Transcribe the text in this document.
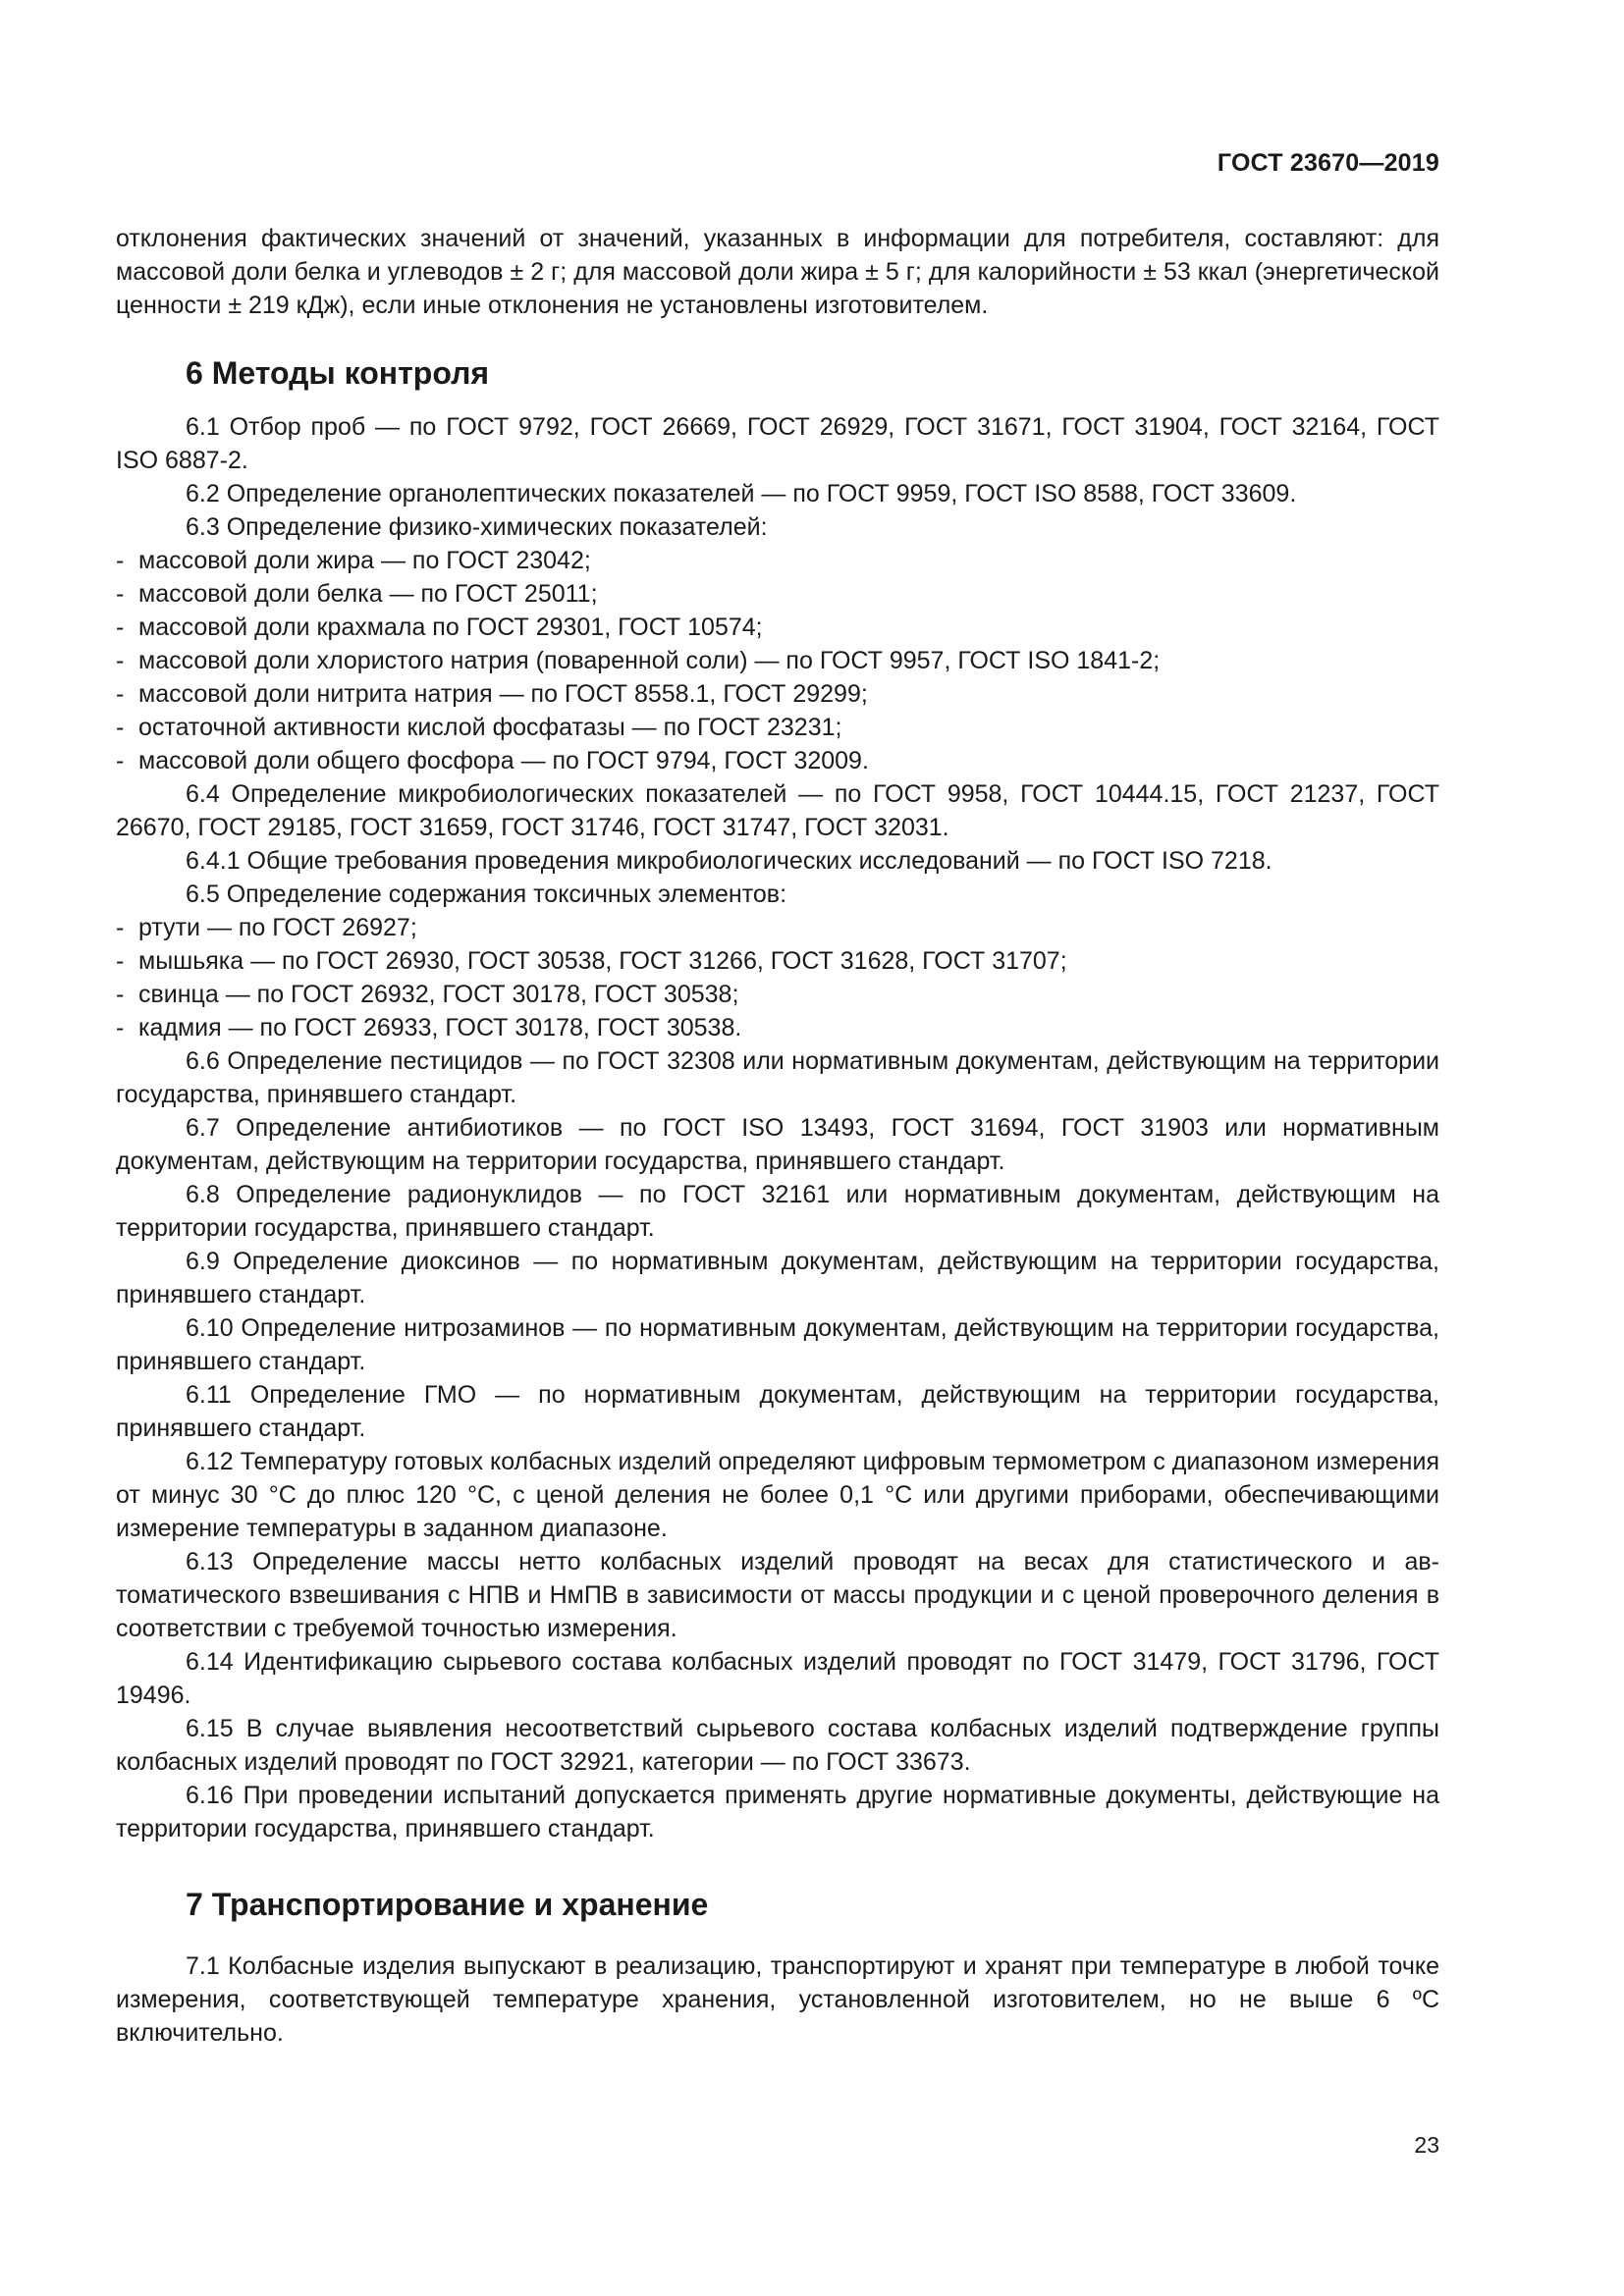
ГОСТ 23670—2019

отклонения фактических значений от значений, указанных в информации для потребителя, составляют: для массовой доли белка и углеводов ± 2 г; для массовой доли жира ± 5 г; для калорийности ± 53 ккал (энергетической ценности ± 219 кДж), если иные отклонения не установлены изготовителем.

6 Методы контроля

6.1 Отбор проб — по ГОСТ 9792, ГОСТ 26669, ГОСТ 26929, ГОСТ 31671, ГОСТ 31904, ГОСТ 32164, ГОСТ ISO 6887-2.

6.2 Определение органолептических показателей — по ГОСТ 9959, ГОСТ ISO 8588, ГОСТ 33609.

6.3 Определение физико-химических показателей:

- массовой доли жира — по ГОСТ 23042;

- массовой доли белка — по ГОСТ 25011;

- массовой доли крахмала по ГОСТ 29301, ГОСТ 10574;

- массовой доли хлористого натрия (поваренной соли) — по ГОСТ 9957, ГОСТ ISO 1841-2;

- массовой доли нитрита натрия — по ГОСТ 8558.1, ГОСТ 29299;

- остаточной активности кислой фосфатазы — по ГОСТ 23231;

- массовой доли общего фосфора — по ГОСТ 9794, ГОСТ 32009.

6.4 Определение микробиологических показателей — по ГОСТ 9958, ГОСТ 10444.15, ГОСТ 21237, ГОСТ 26670, ГОСТ 29185, ГОСТ 31659, ГОСТ 31746, ГОСТ 31747, ГОСТ 32031.

6.4.1 Общие требования проведения микробиологических исследований — по ГОСТ ISO 7218.

6.5 Определение содержания токсичных элементов:

- ртути — по ГОСТ 26927;

- мышьяка — по ГОСТ 26930, ГОСТ 30538, ГОСТ 31266, ГОСТ 31628, ГОСТ 31707;

- свинца — по ГОСТ 26932, ГОСТ 30178, ГОСТ 30538;

- кадмия — по ГОСТ 26933, ГОСТ 30178, ГОСТ 30538.

6.6 Определение пестицидов — по ГОСТ 32308 или нормативным документам, действующим на территории государства, принявшего стандарт.

6.7 Определение антибиотиков — по ГОСТ ISO 13493, ГОСТ 31694, ГОСТ 31903 или нормативным документам, действующим на территории государства, принявшего стандарт.

6.8 Определение радионуклидов — по ГОСТ 32161 или нормативным документам, действующим на территории государства, принявшего стандарт.

6.9 Определение диоксинов — по нормативным документам, действующим на территории государства, принявшего стандарт.

6.10 Определение нитрозаминов — по нормативным документам, действующим на территории государства, принявшего стандарт.

6.11 Определение ГМО — по нормативным документам, действующим на территории государства, принявшего стандарт.

6.12 Температуру готовых колбасных изделий определяют цифровым термометром с диапазоном измерения от минус 30 °С до плюс 120 °С, с ценой деления не более 0,1 °С или другими приборами, обеспечивающими измерение температуры в заданном диапазоне.

6.13 Определение массы нетто колбасных изделий проводят на весах для статистического и автоматического взвешивания с НПВ и НмПВ в зависимости от массы продукции и с ценой проверочного деления в соответствии с требуемой точностью измерения.

6.14 Идентификацию сырьевого состава колбасных изделий проводят по ГОСТ 31479, ГОСТ 31796, ГОСТ 19496.

6.15 В случае выявления несоответствий сырьевого состава колбасных изделий подтверждение группы колбасных изделий проводят по ГОСТ 32921, категории — по ГОСТ 33673.

6.16 При проведении испытаний допускается применять другие нормативные документы, действующие на территории государства, принявшего стандарт.

7 Транспортирование и хранение

7.1 Колбасные изделия выпускают в реализацию, транспортируют и хранят при температуре в любой точке измерения, соответствующей температуре хранения, установленной изготовителем, но не выше 6 ºС включительно.

23
